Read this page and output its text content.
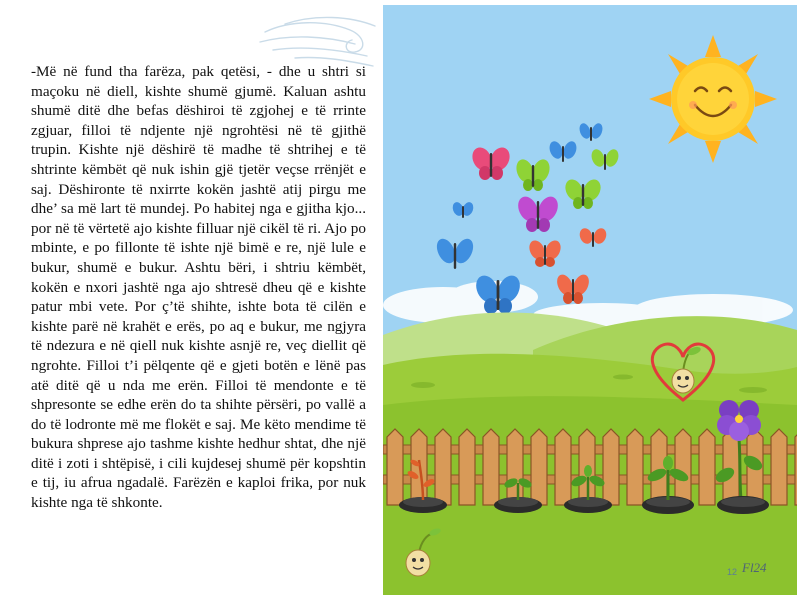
-Më në fund tha farëza, pak qetësi, - dhe u shtri si maçoku në diell, kishte shumë gjumë. Kaluan ashtu shumë ditë dhe befas dëshiroi të zgjohej e të rrinte zgjuar, filloi të ndjente një ngrohtësi në të gjithë trupin. Kishte një dëshirë të madhe të shtrihej e të shtrinte këmbët që nuk ishin gjë tjetër veçse rrënjët e saj. Dëshironte të nxirrte kokën jashtë atij pirgu me dhe’ sa më lart të mundej. Po habitej nga e gjitha kjo... por në të vërtetë ajo kishte filluar një cikël të ri. Ajo po mbinte, e po fillonte të ishte një bimë e re, një lule e bukur, shumë e bukur. Ashtu bëri, i shtriu këmbët, kokën e nxori jashtë nga ajo shtresë dheu që e kishte patur mbi vete. Por ç’të shihte, ishte bota të cilën e kishte parë në krahët e erës, po aq e bukur, me ngjyra të ndezura e në qiell nuk kishte asnjë re, veç diellit që ngrohte. Filloi t’i pëlqente që e gjeti botën e lënë pas atë ditë që u nda me erën. Filloi të mendonte e të shpresonte se edhe erën do ta shihte përsëri, po vallë a do të lodronte më me flokët e saj. Me këto mendime të bukura shprese ajo tashme kishte hedhur shtat, dhe një ditë i zoti i shtëpisë, i cili kujdesej shumë për kopshtin e tij, iu afrua ngadalë. Farëzën e kaploi frika, por nuk kishte nga të shkonte.

12 Fl24
